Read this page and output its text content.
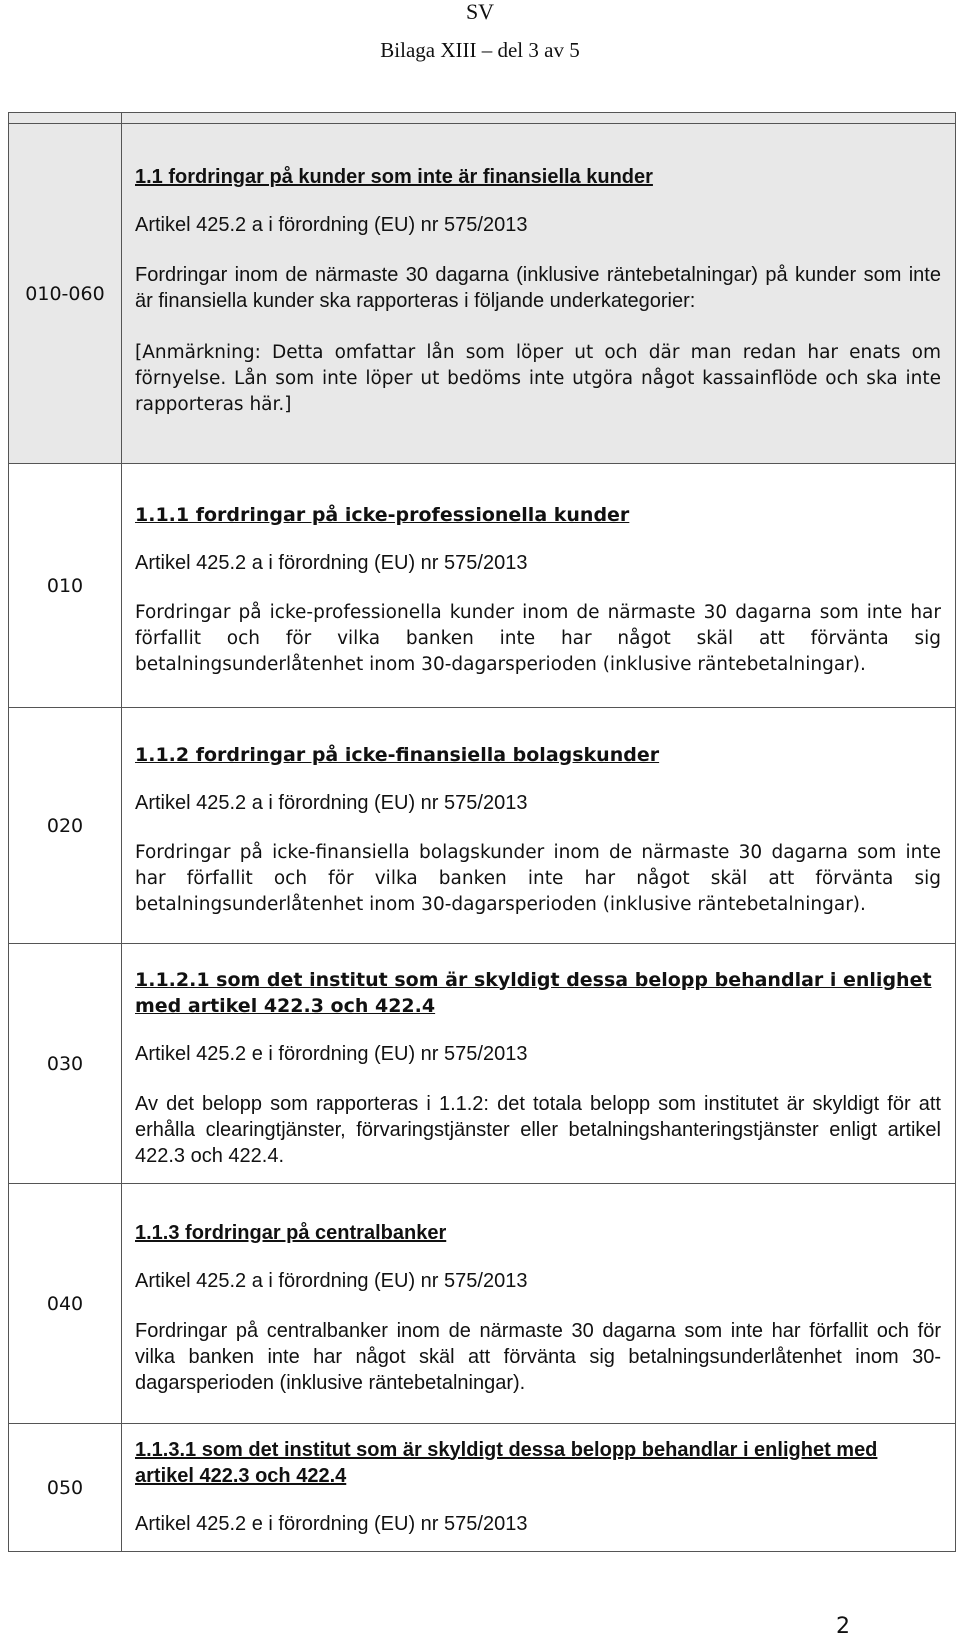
SV
Bilaga XIII – del 3 av 5

010-060	1.1 fordringar på kunder som inte är finansiella kunder

Artikel 425.2 a i förordning (EU) nr 575/2013

Fordringar inom de närmaste 30 dagarna (inklusive räntebetalningar) på kunder som inte är finansiella kunder ska rapporteras i följande underkategorier:

[Anmärkning: Detta omfattar lån som löper ut och där man redan har enats om förnyelse. Lån som inte löper ut bedöms inte utgöra något kassainflöde och ska inte rapporteras här.]

010	1.1.1 fordringar på icke-professionella kunder

Artikel 425.2 a i förordning (EU) nr 575/2013

Fordringar på icke-professionella kunder inom de närmaste 30 dagarna som inte har förfallit och för vilka banken inte har något skäl att förvänta sig betalningsunderlåtenhet inom 30-dagarsperioden (inklusive räntebetalningar).

020	1.1.2 fordringar på icke-finansiella bolagskunder

Artikel 425.2 a i förordning (EU) nr 575/2013

Fordringar på icke-finansiella bolagskunder inom de närmaste 30 dagarna som inte har förfallit och för vilka banken inte har något skäl att förvänta sig betalningsunderlåtenhet inom 30-dagarsperioden (inklusive räntebetalningar).

030	1.1.2.1 som det institut som är skyldigt dessa belopp behandlar i enlighet med artikel 422.3 och 422.4

Artikel 425.2 e i förordning (EU) nr 575/2013

Av det belopp som rapporteras i 1.1.2: det totala belopp som institutet är skyldigt för att erhålla clearingtjänster, förvaringstjänster eller betalningshanteringstjänster enligt artikel 422.3 och 422.4.

040	1.1.3 fordringar på centralbanker

Artikel 425.2 a i förordning (EU) nr 575/2013

Fordringar på centralbanker inom de närmaste 30 dagarna som inte har förfallit och för vilka banken inte har något skäl att förvänta sig betalningsunderlåtenhet inom 30-dagarsperioden (inklusive räntebetalningar).

050	1.1.3.1 som det institut som är skyldigt dessa belopp behandlar i enlighet med artikel 422.3 och 422.4

Artikel 425.2 e i förordning (EU) nr 575/2013

2
